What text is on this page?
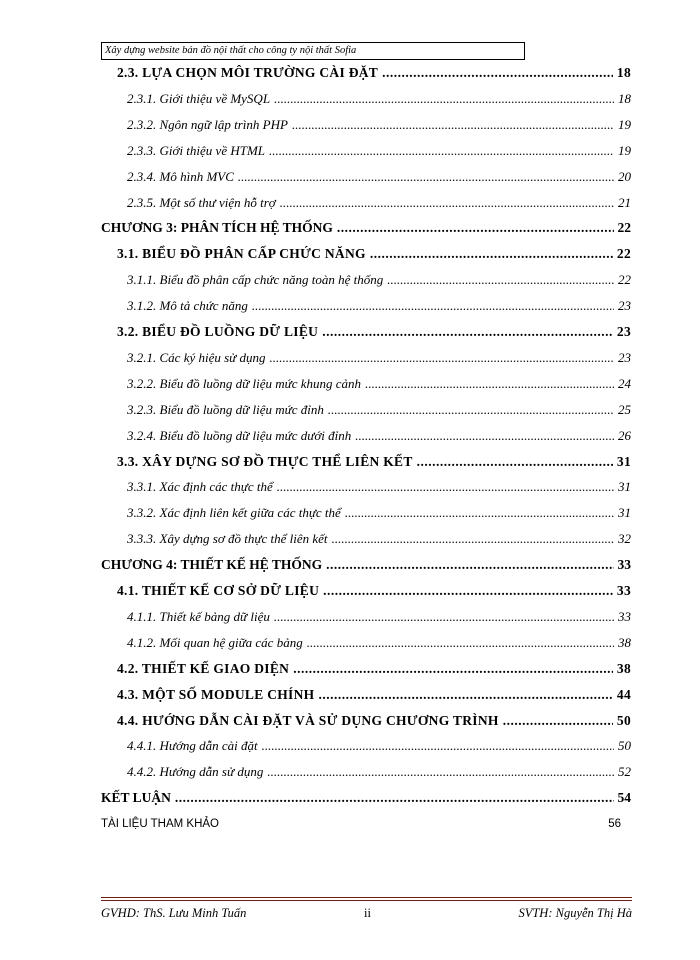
Xây dựng website bán đồ nội thất cho công ty nội thất Sofia
2.3. LỰA CHỌN MÔI TRƯỜNG CÀI ĐẶT .....	18
2.3.1. Giới thiệu về MySQL .....	18
2.3.2. Ngôn ngữ lập trình PHP .....	19
2.3.3. Giới thiệu về HTML .....	19
2.3.4. Mô hình MVC .....	20
2.3.5. Một số thư viện hỗ trợ .....	21
CHƯƠNG 3: PHÂN TÍCH HỆ THỐNG .....	22
3.1. BIỂU ĐỒ PHÂN CẤP CHỨC NĂNG .....	22
3.1.1. Biểu đồ phân cấp chức năng toàn hệ thống .....	22
3.1.2. Mô tả chức năng .....	23
3.2. BIỂU ĐỒ LUỒNG DỮ LIỆU .....	23
3.2.1. Các ký hiệu sử dụng .....	23
3.2.2. Biểu đồ luồng dữ liệu mức khung cảnh .....	24
3.2.3. Biểu đồ luồng dữ liệu mức đỉnh .....	25
3.2.4. Biểu đồ luồng dữ liệu mức dưới đỉnh .....	26
3.3. XÂY DỰNG SƠ ĐỒ THỰC THỂ LIÊN KẾT .....	31
3.3.1. Xác định các thực thể .....	31
3.3.2. Xác định liên kết giữa các thực thể .....	31
3.3.3. Xây dựng sơ đồ thực thể liên kết .....	32
CHƯƠNG 4: THIẾT KẾ HỆ THỐNG .....	33
4.1. THIẾT KẾ CƠ SỞ DỮ LIỆU .....	33
4.1.1. Thiết kế bảng dữ liệu .....	33
4.1.2. Mối quan hệ giữa các bảng .....	38
4.2. THIẾT KẾ GIAO DIỆN .....	38
4.3. MỘT SỐ MODULE CHÍNH .....	44
4.4. HƯỚNG DẪN CÀI ĐẶT VÀ SỬ DỤNG CHƯƠNG TRÌNH .....	50
4.4.1. Hướng dẫn cài đặt .....	50
4.4.2. Hướng dẫn sử dụng .....	52
KẾT LUẬN .....	54
TÀI LIỆU THAM KHẢO	56
GVHD: ThS. Lưu Minh Tuấn	ii	SVTH: Nguyễn Thị Hà
